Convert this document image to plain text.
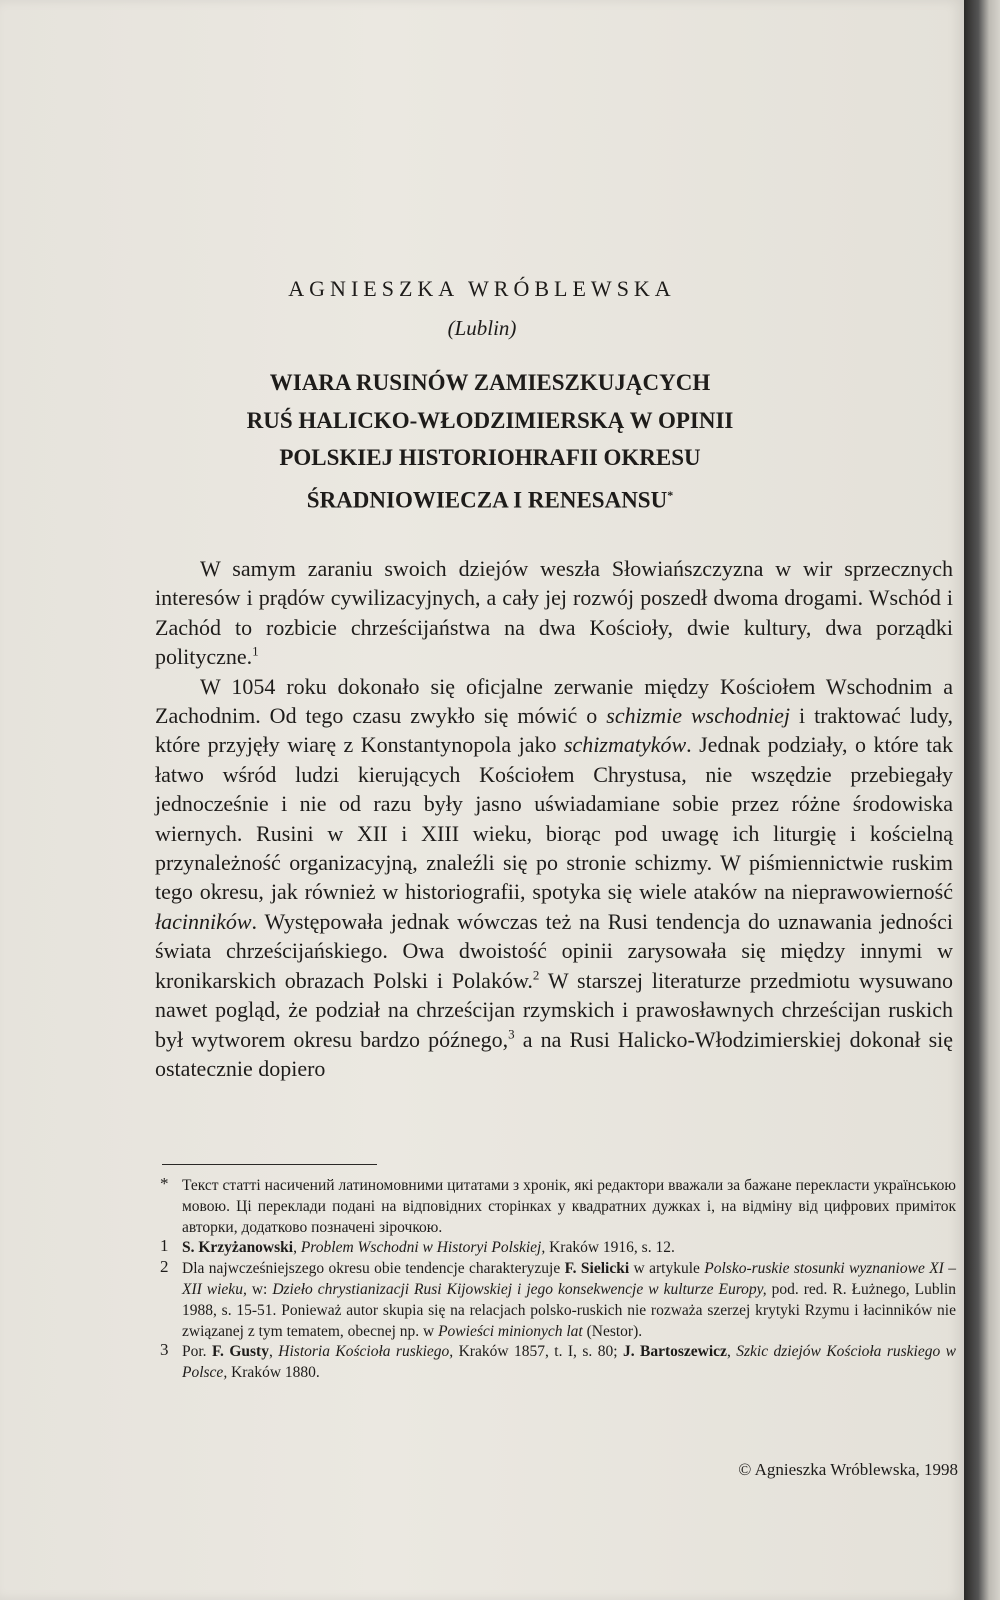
AGNIESZKA WRÓBLEWSKA
(Lublin)
WIARA RUSINÓW ZAMIESZKUJĄCYCH
RUŚ HALICKO-WŁODZIMIERSKĄ W OPINII
POLSKIEJ HISTORIOHRAFII OKRESU
ŚRADNIOWIECZA I RENESANSU*

W samym zaraniu swoich dziejów weszła Słowiańszczyzna w wir sprzecznych interesów i prądów cywilizacyjnych, a cały jej rozwój poszedł dwoma drogami. Wschód i Zachód to rozbicie chrześcijaństwa na dwa Kościoły, dwie kultury, dwa porządki polityczne.$^1$

W 1054 roku dokonało się oficjalne zerwanie między Kościołem Wschodnim a Zachodnim. Od tego czasu zwykło się mówić o schizmie wschodniej i traktować ludy, które przyjęły wiarę z Konstantynopola jako schizmatyków. Jednak podziały, o które tak łatwo wśród ludzi kierujących Kościołem Chrystusa, nie wszędzie przebiegały jednocześnie i nie od razu były jasno uświadamiane sobie przez różne środowiska wiernych. Rusini w XII i XIII wieku, biorąc pod uwagę ich liturgię i kościelną przynależność organizacyjną, znaleźli się po stronie schizmy. W piśmiennictwie ruskim tego okresu, jak również w historiografii, spotyka się wiele ataków na nieprawowierność łacinników. Występowała jednak wówczas też na Rusi tendencja do uznawania jedności świata chrześcijańskiego. Owa dwoistość opinii zarysowała się między innymi w kronikarskich obrazach Polski i Polaków.$^2$ W starszej literaturze przedmiotu wysuwano nawet pogląd, że podział na chrześcijan rzymskich i prawosławnych chrześcijan ruskich był wytworem okresu bardzo późnego,$^3$ a na Rusi Halicko-Włodzimierskiej dokonał się ostatecznie dopiero

* Текст статті насичений латиномовними цитатами з хронік, які редактори вважали за бажане перекласти українською мовою. Ці переклади подані на відповідних сторінках у квадратних дужках і, на відміну від цифрових приміток авторки, додатково позначені зірочкою.
1 S. Krzyżanowski, Problem Wschodni w Historyi Polskiej, Kraków 1916, s. 12.
2 Dla najwcześniejszego okresu obie tendencje charakteryzuje F. Sielicki w artykule Polsko-ruskie stosunki wyznaniowe XI – XII wieku, w: Dzieło chrystianizacji Rusi Kijowskiej i jego konsekwencje w kulturze Europy, pod. red. R. Łużnego, Lublin 1988, s. 15-51. Ponieważ autor skupia się na relacjach polsko-ruskich nie rozważa szerzej krytyki Rzymu i łacinników nie związanej z tym tematem, obecnej np. w Powieści minionych lat (Nestor).
3 Por. F. Gusty, Historia Kościoła ruskiego, Kraków 1857, t. I, s. 80; J. Bartoszewicz, Szkic dziejów Kościoła ruskiego w Polsce, Kraków 1880.
© Agnieszka Wróblewska, 1998
